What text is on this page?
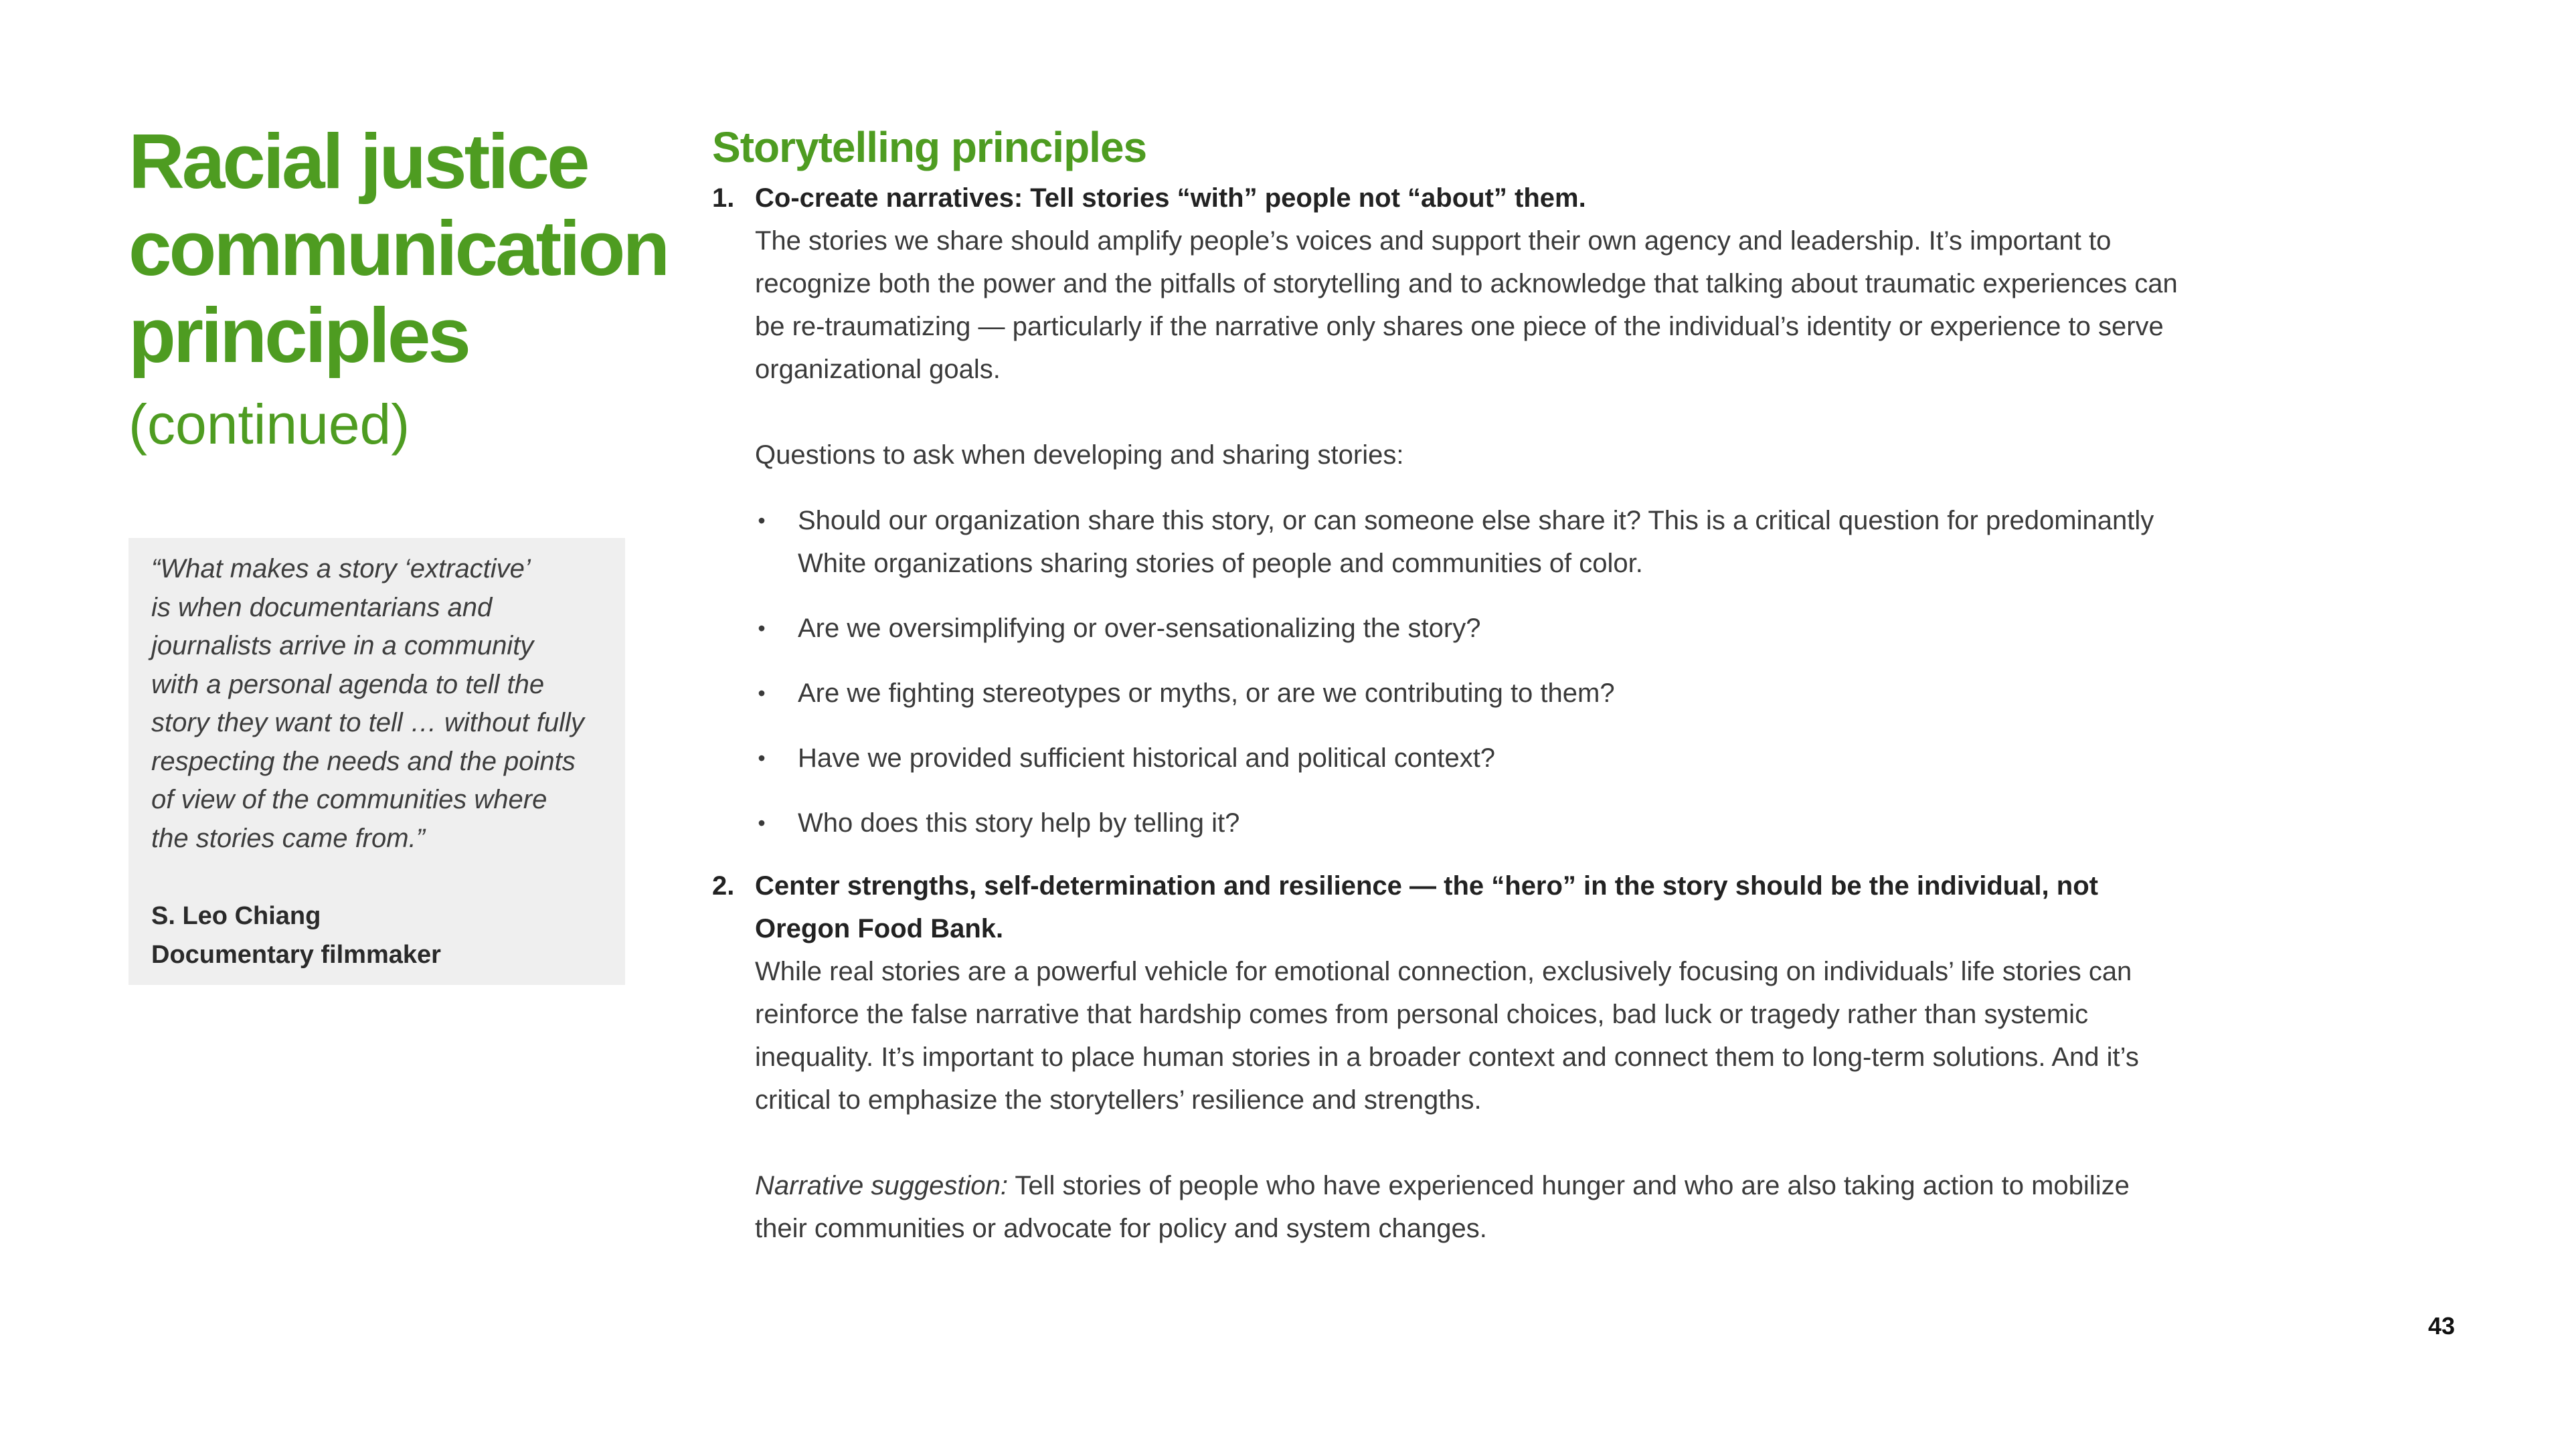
Racial justice communication principles

(continued)

“What makes a story ‘extractive’
is when documentarians and
journalists arrive in a community
with a personal agenda to tell the
story they want to tell … without fully
respecting the needs and the points
of view of the communities where
the stories came from.”

S. Leo Chiang

Documentary filmmaker

Storytelling principles
1. Co-create narratives: Tell stories “with” people not “about” them.

The stories we share should amplify people’s voices and support their own agency and leadership. It’s important to recognize both the power and the pitfalls of storytelling and to acknowledge that talking about traumatic experiences can be re-traumatizing — particularly if the narrative only shares one piece of the individual’s identity or experience to serve organizational goals.

Questions to ask when developing and sharing stories:

• Should our organization share this story, or can someone else share it? This is a critical question for predominantly White organizations sharing stories of people and communities of color.
• Are we oversimplifying or over-sensationalizing the story?
• Are we fighting stereotypes or myths, or are we contributing to them?
• Have we provided sufficient historical and political context?
• Who does this story help by telling it?
2. Center strengths, self-determination and resilience — the “hero” in the story should be the individual, not Oregon Food Bank.

While real stories are a powerful vehicle for emotional connection, exclusively focusing on individuals’ life stories can reinforce the false narrative that hardship comes from personal choices, bad luck or tragedy rather than systemic inequality. It’s important to place human stories in a broader context and connect them to long-term solutions. And it’s critical to emphasize the storytellers’ resilience and strengths.

Narrative suggestion: Tell stories of people who have experienced hunger and who are also taking action to mobilize their communities or advocate for policy and system changes.

43
